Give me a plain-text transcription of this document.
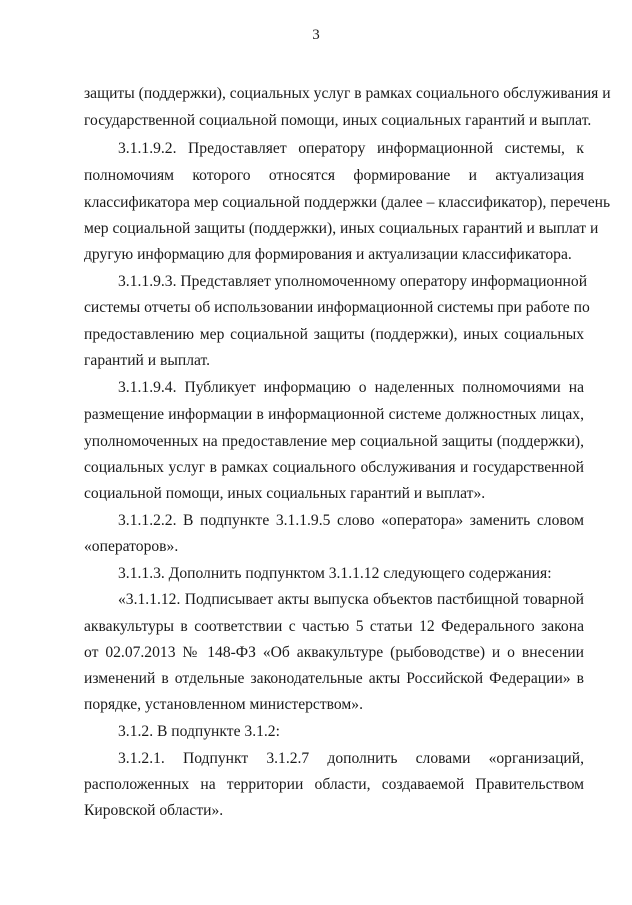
3
защиты (поддержки), социальных услуг в рамках социального обслуживания и
государственной социальной помощи, иных социальных гарантий и выплат.
3.1.1.9.2. Предоставляет оператору информационной системы, к
полномочиям которого относятся формирование и актуализация
классификатора мер социальной поддержки (далее – классификатор), перечень
мер социальной защиты (поддержки), иных социальных гарантий и выплат и
другую информацию для формирования и актуализации классификатора.
3.1.1.9.3. Представляет уполномоченному оператору информационной
системы отчеты об использовании информационной системы при работе по
предоставлению мер социальной защиты (поддержки), иных социальных
гарантий и выплат.
3.1.1.9.4. Публикует информацию о наделенных полномочиями на
размещение информации в информационной системе должностных лицах,
уполномоченных на предоставление мер социальной защиты (поддержки),
социальных услуг в рамках социального обслуживания и государственной
социальной помощи, иных социальных гарантий и выплат».
3.1.1.2.2. В подпункте 3.1.1.9.5 слово «оператора» заменить словом
«операторов».
3.1.1.3. Дополнить подпунктом 3.1.1.12 следующего содержания:
«3.1.1.12. Подписывает акты выпуска объектов пастбищной товарной
аквакультуры в соответствии с частью 5 статьи 12 Федерального закона
от 02.07.2013 № 148-ФЗ «Об аквакультуре (рыбоводстве) и о внесении
изменений в отдельные законодательные акты Российской Федерации» в
порядке, установленном министерством».
3.1.2. В подпункте 3.1.2:
3.1.2.1. Подпункт 3.1.2.7 дополнить словами «организаций,
расположенных на территории области, создаваемой Правительством
Кировской области».
